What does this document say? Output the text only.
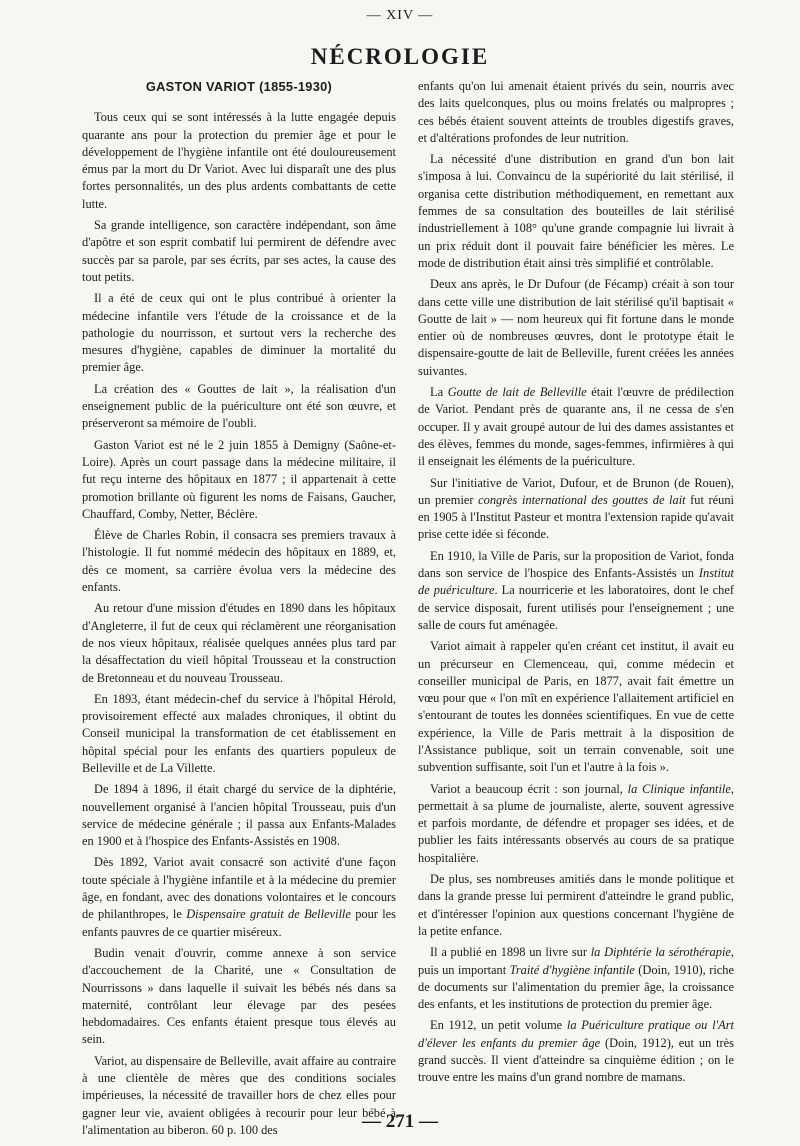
— XIV —
NÉCROLOGIE
GASTON VARIOT (1855-1930)

Tous ceux qui se sont intéressés à la lutte engagée depuis quarante ans pour la protection du premier âge et pour le développement de l'hygiène infantile ont été douloureusement émus par la mort du Dr Variot. Avec lui disparaît une des plus fortes personnalités, un des plus ardents combattants de cette lutte.

Sa grande intelligence, son caractère indépendant, son âme d'apôtre et son esprit combatif lui permirent de défendre avec succès par sa parole, par ses écrits, par ses actes, la cause des tout petits.

Il a été de ceux qui ont le plus contribué à orienter la médecine infantile vers l'étude de la croissance et de la pathologie du nourrisson, et surtout vers la recherche des mesures d'hygiène, capables de diminuer la mortalité du premier âge.

La création des « Gouttes de lait », la réalisation d'un enseignement public de la puériculture ont été son œuvre, et préserveront sa mémoire de l'oubli.

Gaston Variot est né le 2 juin 1855 à Demigny (Saône-et-Loire). Après un court passage dans la médecine militaire, il fut reçu interne des hôpitaux en 1877 ; il appartenait à cette promotion brillante où figurent les noms de Faisans, Gaucher, Chauffard, Comby, Netter, Béclère.

Élève de Charles Robin, il consacra ses premiers travaux à l'histologie. Il fut nommé médecin des hôpitaux en 1889, et, dès ce moment, sa carrière évolua vers la médecine des enfants.

Au retour d'une mission d'études en 1890 dans les hôpitaux d'Angleterre, il fut de ceux qui réclamèrent une réorganisation de nos vieux hôpitaux, réalisée quelques années plus tard par la désaffectation du vieil hôpital Trousseau et la construction de Bretonneau et du nouveau Trousseau.

En 1893, étant médecin-chef du service à l'hôpital Hérold, provisoirement effecté aux malades chroniques, il obtint du Conseil municipal la transformation de cet établissement en hôpital spécial pour les enfants des quartiers populeux de Belleville et de La Villette.

De 1894 à 1896, il était chargé du service de la diphtérie, nouvellement organisé à l'ancien hôpital Trousseau, puis d'un service de médecine générale ; il passa aux Enfants-Malades en 1900 et à l'hospice des Enfants-Assistés en 1908.

Dès 1892, Variot avait consacré son activité d'une façon toute spéciale à l'hygiène infantile et à la médecine du premier âge, en fondant, avec des donations volontaires et le concours de philanthropes, le Dispensaire gratuit de Belleville pour les enfants pauvres de ce quartier miséreux.

Budin venait d'ouvrir, comme annexe à son service d'accouchement de la Charité, une « Consultation de Nourrissons » dans laquelle il suivait les bébés nés dans sa maternité, contrôlant leur élevage par des pesées hebdomadaires. Ces enfants étaient presque tous élevés au sein.

Variot, au dispensaire de Belleville, avait affaire au contraire à une clientèle de mères que des conditions sociales impérieuses, la nécessité de travailler hors de chez elles pour gagner leur vie, avaient obligées à recourir pour leur bébé à l'alimentation au biberon. 60 p. 100 des

enfants qu'on lui amenait étaient privés du sein, nourris avec des laits quelconques, plus ou moins frelatés ou malpropres ; ces bébés étaient souvent atteints de troubles digestifs graves, et d'altérations profondes de leur nutrition.

La nécessité d'une distribution en grand d'un bon lait s'imposa à lui. Convaincu de la supériorité du lait stérilisé, il organisa cette distribution méthodiquement, en remettant aux femmes de sa consultation des bouteilles de lait stérilisé industriellement à 108° qu'une grande compagnie lui livrait à un prix réduit dont il pouvait faire bénéficier les mères. Le mode de distribution était ainsi très simplifié et contrôlable.

Deux ans après, le Dr Dufour (de Fécamp) créait à son tour dans cette ville une distribution de lait stérilisé qu'il baptisait « Goutte de lait » — nom heureux qui fit fortune dans le monde entier où de nombreuses œuvres, dont le prototype était le dispensaire-goutte de lait de Belleville, furent créées les années suivantes.

La Goutte de lait de Belleville était l'œuvre de prédilection de Variot. Pendant près de quarante ans, il ne cessa de s'en occuper. Il y avait groupé autour de lui des dames assistantes et des élèves, femmes du monde, sages-femmes, infirmières à qui il enseignait les éléments de la puériculture.

Sur l'initiative de Variot, Dufour, et de Brunon (de Rouen), un premier congrès international des gouttes de lait fut réuni en 1905 à l'Institut Pasteur et montra l'extension rapide qu'avait prise cette idée si féconde.

En 1910, la Ville de Paris, sur la proposition de Variot, fonda dans son service de l'hospice des Enfants-Assistés un Institut de puériculture. La nourricerie et les laboratoires, dont le chef de service disposait, furent utilisés pour l'enseignement ; une salle de cours fut aménagée.

Variot aimait à rappeler qu'en créant cet institut, il avait eu un précurseur en Clemenceau, qui, comme médecin et conseiller municipal de Paris, en 1877, avait fait émettre un vœu pour que « l'on mît en expérience l'allaitement artificiel en s'entourant de toutes les données scientifiques. En vue de cette expérience, la Ville de Paris mettrait à la disposition de l'Assistance publique, soit un terrain convenable, soit une subvention suffisante, soit l'un et l'autre à la fois ».

Variot a beaucoup écrit : son journal, la Clinique infantile, permettait à sa plume de journaliste, alerte, souvent agressive et parfois mordante, de défendre et propager ses idées, et de publier les faits intéressants observés au cours de sa pratique hospitalière.

De plus, ses nombreuses amitiés dans le monde politique et dans la grande presse lui permirent d'atteindre le grand public, et d'intéresser l'opinion aux questions concernant l'hygiène de la petite enfance.

Il a publié en 1898 un livre sur la Diphtérie la sérothérapie, puis un important Traité d'hygiène infantile (Doin, 1910), riche de documents sur l'alimentation du premier âge, la croissance des enfants, et les institutions de protection du premier âge.

En 1912, un petit volume la Puériculture pratique ou l'Art d'élever les enfants du premier âge (Doin, 1912), eut un très grand succès. Il vient d'atteindre sa cinquième édition ; on le trouve entre les mains d'un grand nombre de mamans.

— 271 —
